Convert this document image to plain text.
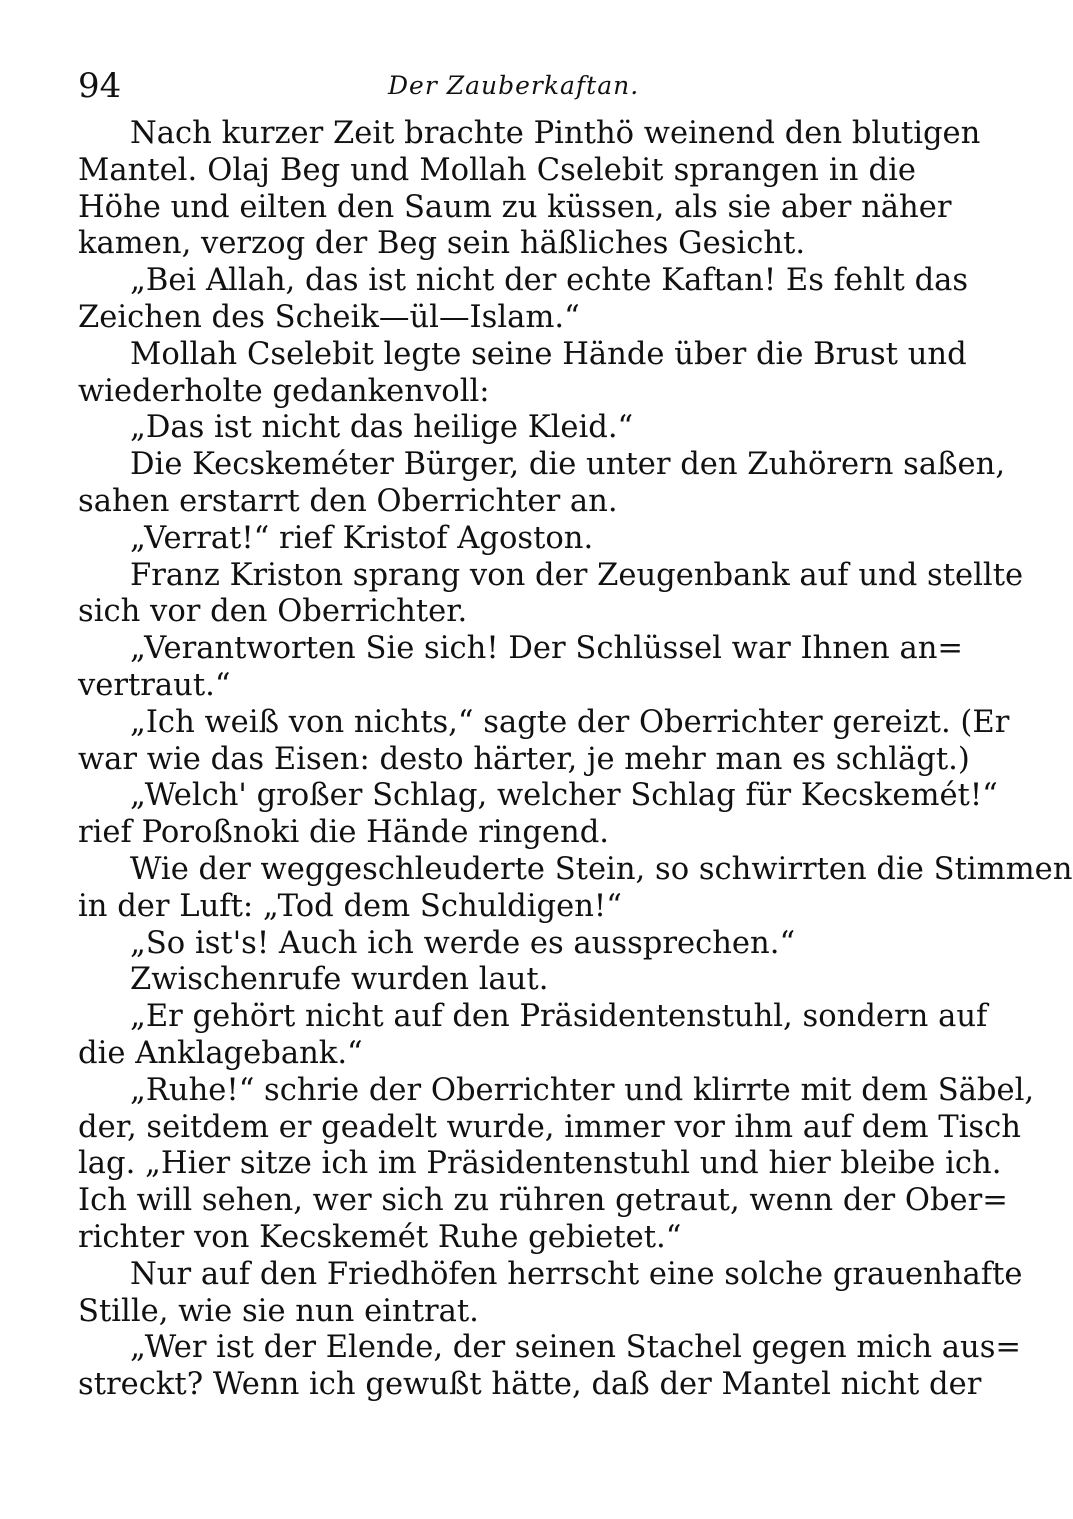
94	Der Zauberkaftan.
Nach kurzer Zeit brachte Pinthö weinend den blutigen
Mantel. Olaj Beg und Mollah Cselebit sprangen in die
Höhe und eilten den Saum zu küssen, als sie aber näher
kamen, verzog der Beg sein häßliches Gesicht.
„Bei Allah, das ist nicht der echte Kaftan! Es fehlt das
Zeichen des Scheik—ül—Islam.“
Mollah Cselebit legte seine Hände über die Brust und
wiederholte gedankenvoll:
„Das ist nicht das heilige Kleid.“
Die Kecskeméter Bürger, die unter den Zuhörern saßen,
sahen erstarrt den Oberrichter an.
„Verrat!“ rief Kristof Agoston.
Franz Kriston sprang von der Zeugenbank auf und stellte
sich vor den Oberrichter.
„Verantworten Sie sich! Der Schlüssel war Ihnen an=
vertraut.“
„Ich weiß von nichts,“ sagte der Oberrichter gereizt. (Er
war wie das Eisen: desto härter, je mehr man es schlägt.)
„Welch' großer Schlag, welcher Schlag für Kecskemét!“
rief Poroßnoki die Hände ringend.
Wie der weggeschleuderte Stein, so schwirrten die Stimmen
in der Luft: „Tod dem Schuldigen!“
„So ist's! Auch ich werde es aussprechen.“
Zwischenrufe wurden laut.
„Er gehört nicht auf den Präsidentenstuhl, sondern auf
die Anklagebank.“
„Ruhe!“ schrie der Oberrichter und klirrte mit dem Säbel,
der, seitdem er geadelt wurde, immer vor ihm auf dem Tisch
lag. „Hier sitze ich im Präsidentenstuhl und hier bleibe ich.
Ich will sehen, wer sich zu rühren getraut, wenn der Ober=
richter von Kecskemét Ruhe gebietet.“
Nur auf den Friedhöfen herrscht eine solche grauenhafte
Stille, wie sie nun eintrat.
„Wer ist der Elende, der seinen Stachel gegen mich aus=
streckt? Wenn ich gewußt hätte, daß der Mantel nicht der
